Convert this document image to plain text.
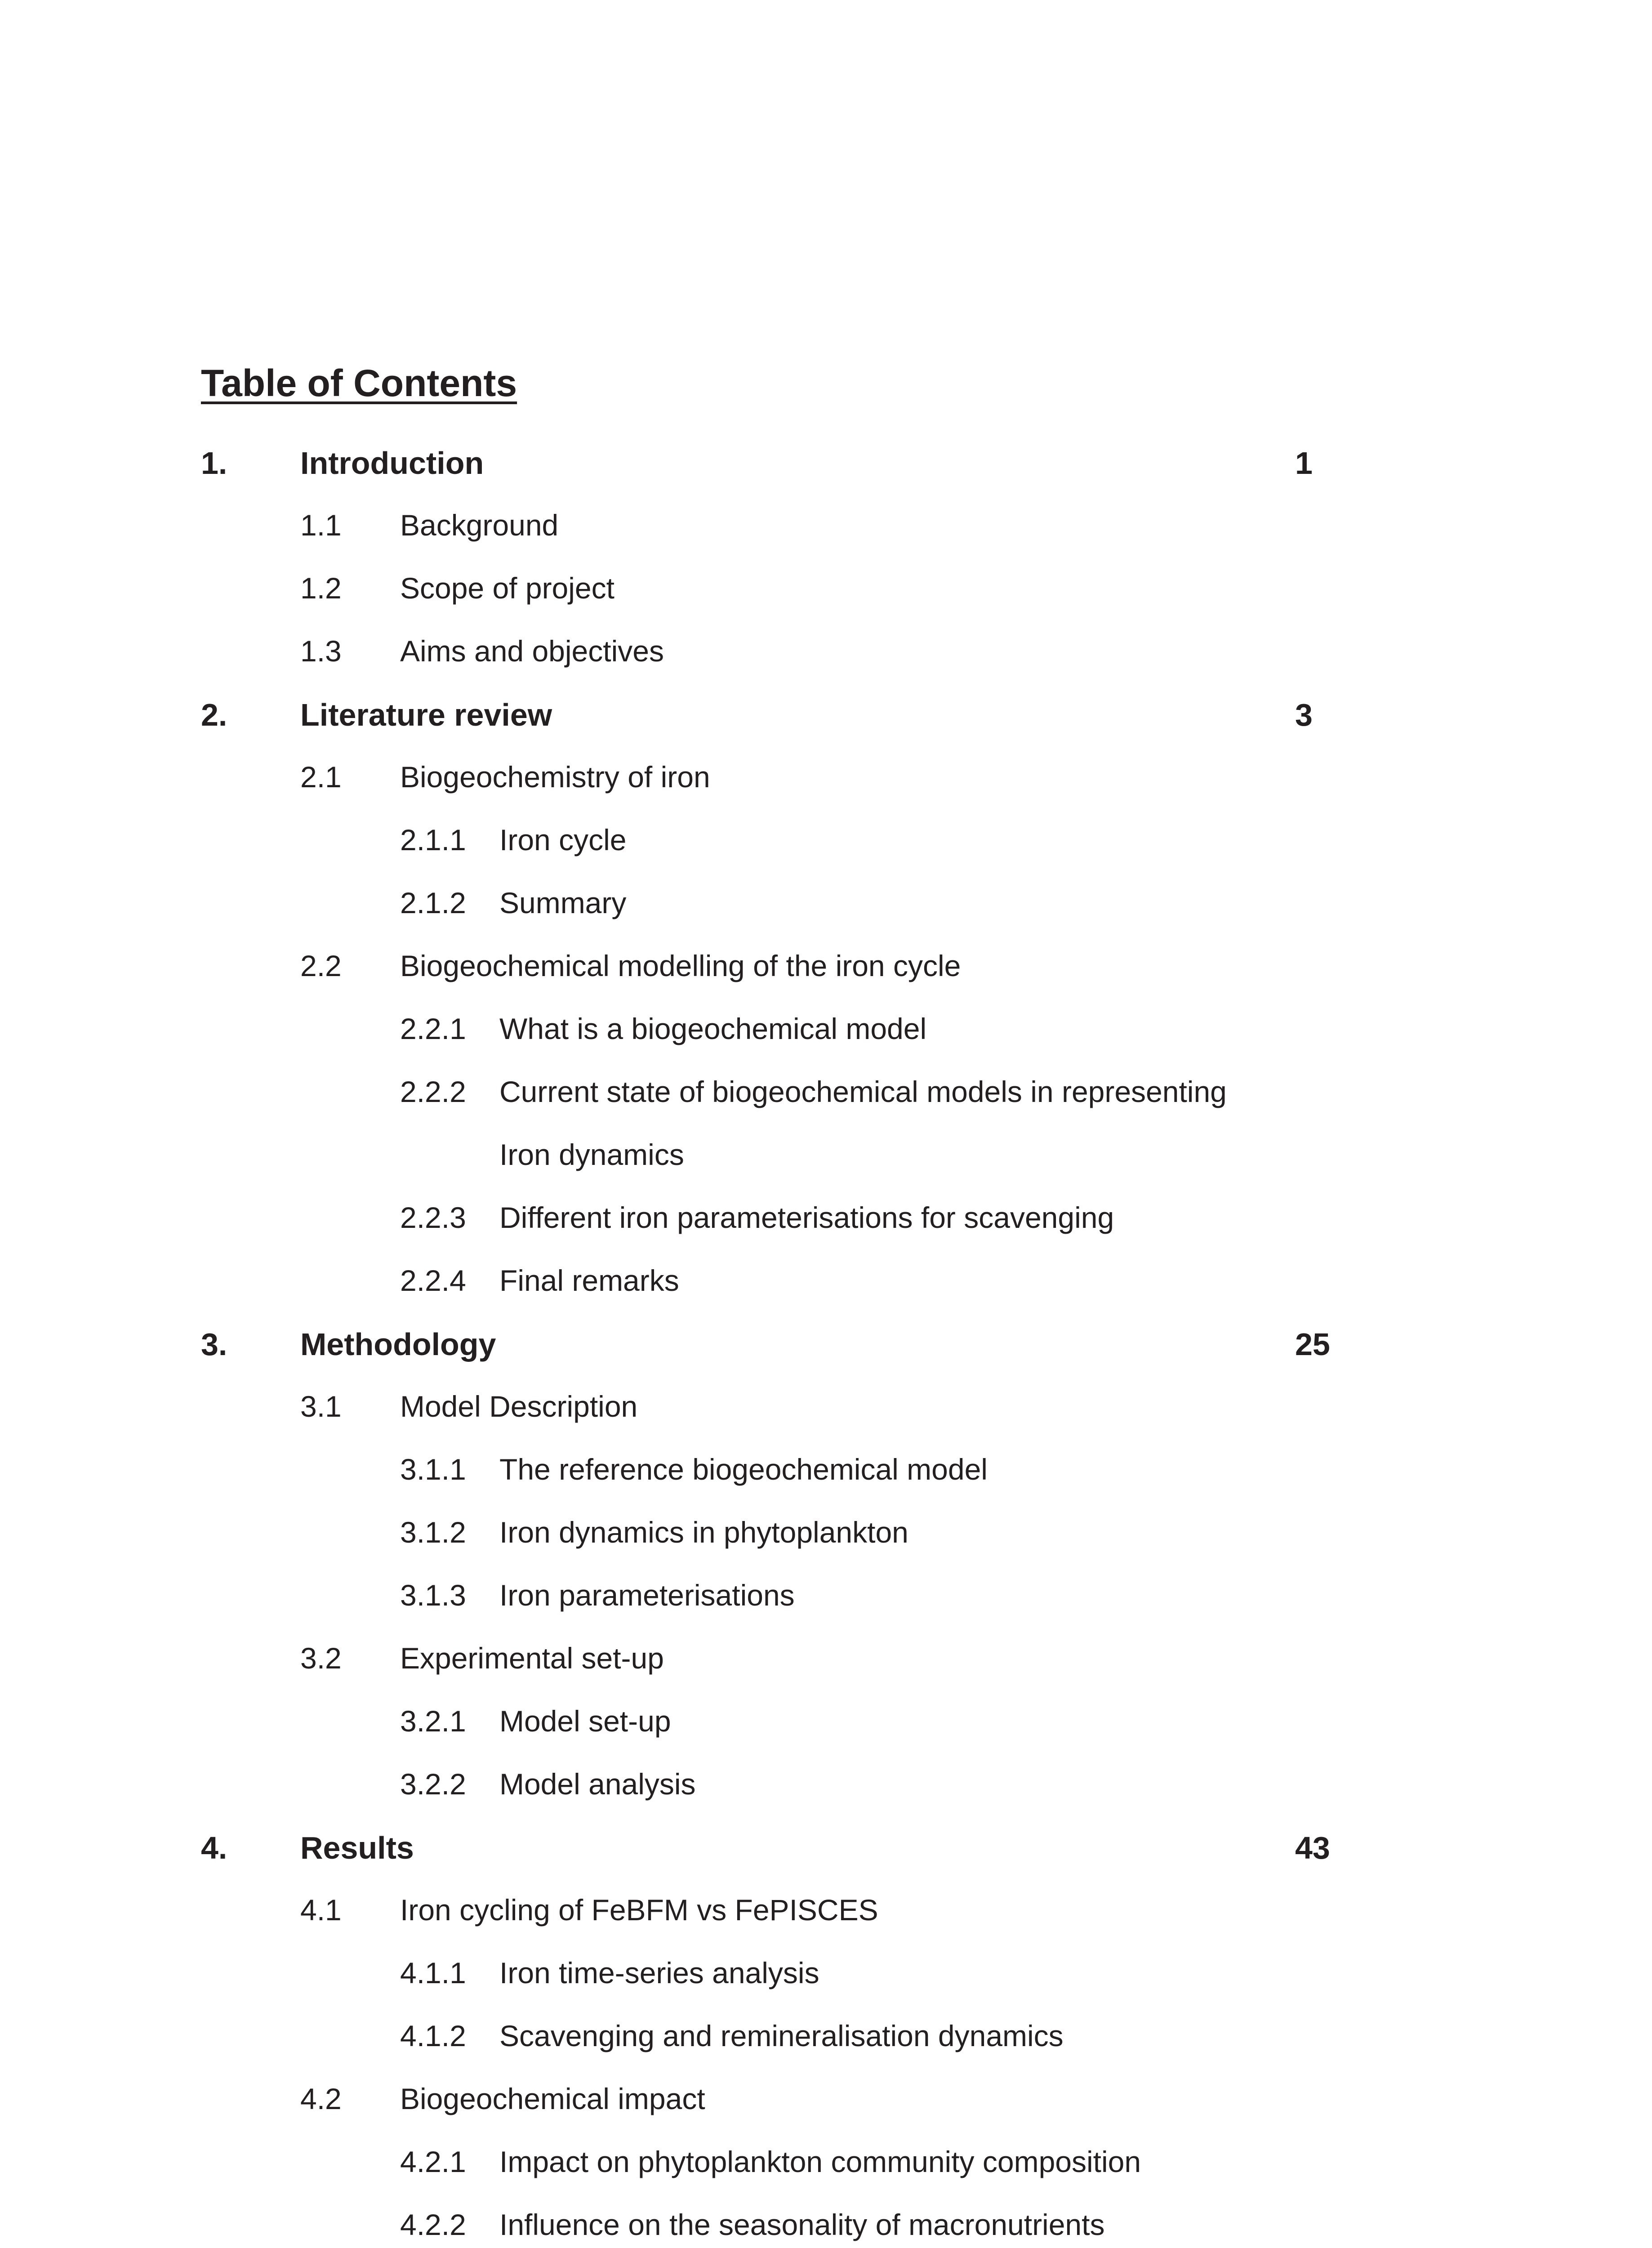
Table of Contents
1. Introduction	1
1.1 Background
1.2 Scope of project
1.3 Aims and objectives
2. Literature review	3
2.1 Biogeochemistry of iron
2.1.1 Iron cycle
2.1.2 Summary
2.2 Biogeochemical modelling of the iron cycle
2.2.1 What is a biogeochemical model
2.2.2 Current state of biogeochemical models in representing
Iron dynamics
2.2.3 Different iron parameterisations for scavenging
2.2.4 Final remarks
3. Methodology	25
3.1 Model Description
3.1.1 The reference biogeochemical model
3.1.2 Iron dynamics in phytoplankton
3.1.3 Iron parameterisations
3.2 Experimental set-up
3.2.1 Model set-up
3.2.2 Model analysis
4. Results	43
4.1 Iron cycling of FeBFM vs FePISCES
4.1.1 Iron time-series analysis
4.1.2 Scavenging and remineralisation dynamics
4.2 Biogeochemical impact
4.2.1 Impact on phytoplankton community composition
4.2.2 Influence on the seasonality of macronutrients
